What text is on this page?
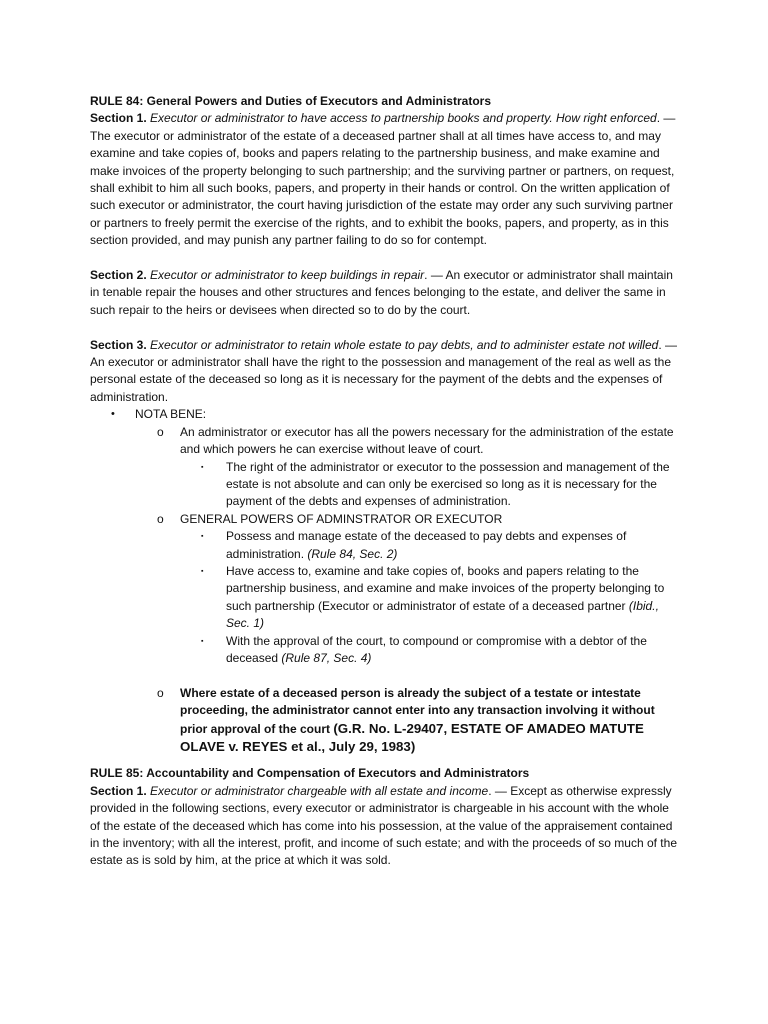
RULE 84: General Powers and Duties of Executors and Administrators

Section 1. Executor or administrator to have access to partnership books and property. How right enforced. — The executor or administrator of the estate of a deceased partner shall at all times have access to, and may examine and take copies of, books and papers relating to the partnership business, and make examine and make invoices of the property belonging to such partnership; and the surviving partner or partners, on request, shall exhibit to him all such books, papers, and property in their hands or control. On the written application of such executor or administrator, the court having jurisdiction of the estate may order any such surviving partner or partners to freely permit the exercise of the rights, and to exhibit the books, papers, and property, as in this section provided, and may punish any partner failing to do so for contempt.

Section 2. Executor or administrator to keep buildings in repair. — An executor or administrator shall maintain in tenable repair the houses and other structures and fences belonging to the estate, and deliver the same in such repair to the heirs or devisees when directed so to do by the court.

Section 3. Executor or administrator to retain whole estate to pay debts, and to administer estate not willed. — An executor or administrator shall have the right to the possession and management of the real as well as the personal estate of the deceased so long as it is necessary for the payment of the debts and the expenses of administration.

• NOTA BENE:
o An administrator or executor has all the powers necessary for the administration of the estate and which powers he can exercise without leave of court.
▪ The right of the administrator or executor to the possession and management of the estate is not absolute and can only be exercised so long as it is necessary for the payment of the debts and expenses of administration.
o GENERAL POWERS OF ADMINSTRATOR OR EXECUTOR
▪ Possess and manage estate of the deceased to pay debts and expenses of administration. (Rule 84, Sec. 2)
▪ Have access to, examine and take copies of, books and papers relating to the partnership business, and examine and make invoices of the property belonging to such partnership (Executor or administrator of estate of a deceased partner (Ibid., Sec. 1)
▪ With the approval of the court, to compound or compromise with a debtor of the deceased (Rule 87, Sec. 4)
o Where estate of a deceased person is already the subject of a testate or intestate proceeding, the administrator cannot enter into any transaction involving it without prior approval of the court (G.R. No. L-29407, ESTATE OF AMADEO MATUTE OLAVE v. REYES et al., July 29, 1983)

RULE 85: Accountability and Compensation of Executors and Administrators

Section 1. Executor or administrator chargeable with all estate and income. — Except as otherwise expressly provided in the following sections, every executor or administrator is chargeable in his account with the whole of the estate of the deceased which has come into his possession, at the value of the appraisement contained in the inventory; with all the interest, profit, and income of such estate; and with the proceeds of so much of the estate as is sold by him, at the price at which it was sold.
